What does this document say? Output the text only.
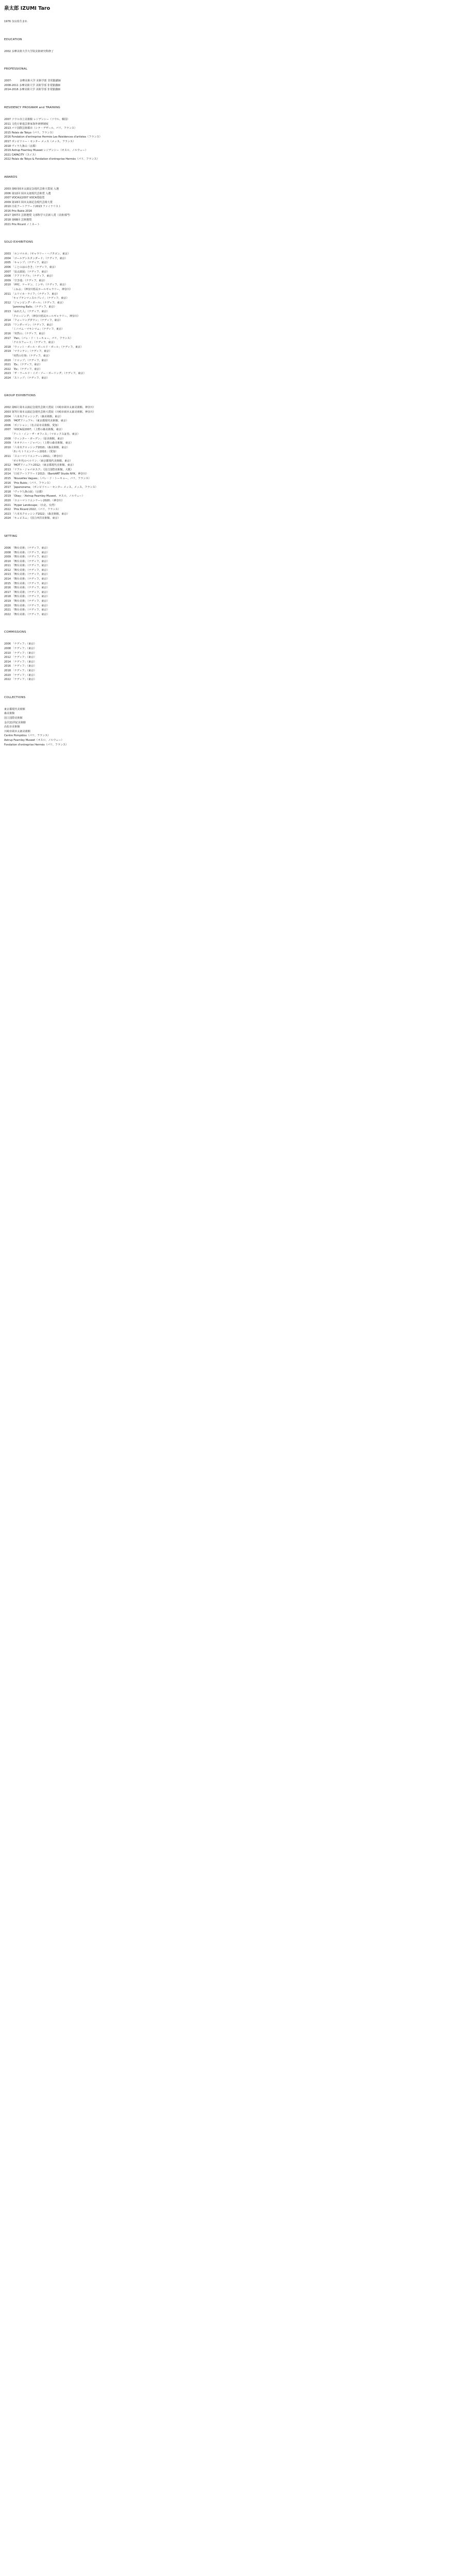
泉太郎 IZUMI Taro

1976 奈良県生まれ

EDUCATION

2002 多摩美術大学大学院美術研究科修了

PROFESSIONAL

2007-　　　多摩美術大学 美術学部 非常勤講師

2008-2011 多摩美術大学 美術学部 非常勤講師

2014-2016 多摩美術大学 美術学部 非常勤講師

RESIDENCY PROGRAM and TRAINING

2007 ソウル市立美術館 レジデンシー（ソウル、韓国）

2011 文化庁新進芸術家海外研修制度

2013 パリ国際芸術都市（シテ・デザール、パリ、フランス）

2015 Palais de Tokyo（パリ、フランス）

2016 Fondation d'entreprise Hermès Les Résidences d'artistes（フランス）

2017 ポンピドゥー・センター メッス（メッス、フランス）

2018 ヴィラ九条山（京都）

2019 Astrup Fearnley Museet レジデンシー（オスロ、ノルウェー）

2021 CAPACITY（スイス）

2022 Palais de Tokyo & Fondation d'entreprise Hermès（パリ、フランス）

AWARDS

2003 第6回岡本太郎記念現代芸術大賞展 入選

2006 第12回 岡本太郎現代芸術賞 入選

2007 VOCA展2007 VOCA奨励賞

2009 第10回 岡本太郎記念現代芸術大賞

2010 日産アートアワード2013 ファイナリスト

2016 Prix Rubis 2016

2017 第67回 芸術選奨 文部科学大臣新人賞（美術部門）

2018 第68回 芸術選奨

2021 Prix Ricard ノミネート

SOLO EXHIBITIONS

2003 「ホンマルネ」（ギャラリー・ヘプタゴン、東京）

2004 「ゴールデンスタンダード」（ナディフ、東京）

2005 「キャンプ」（ナディフ、東京）

2006 「ことのはのきき」（ナディフ、東京）

2007 「泉太郎展」（ナディフ、東京）

2008 「クアドラプル」（ナディフ、東京）

2009 「空き地」（ナディフ、東京）

2010 「神村、ケーヤン、ミンサ」（ナディフ、東京）

　　　「こねる」（神奈川県民ホールギャラリー、神奈川）

2011 「ユリイカ・ライフ」（ナディフ、東京）

　　　「キャプテンマッスルプレイ」（ナディフ、東京）

2012 「ジャンピング・ボール」（ナディフ、東京）

　　　「Jamming Balls」（ナディフ、東京）

2013 「ぬれた人」（ナディフ、東京）

　　　「クロージング」（神奈川県民ホールギャラリー、神奈川）

2014 「フォーリングダウン」（ナディフ、東京）

2015 「ワンダーマン」（ナディフ、東京）

　　　「ミニマム・マキシマム」（ナディフ、東京）

2016 「突然の」（ナディフ、東京）

2017 「Pan」（パレ・ド・トーキョー、パリ、フランス）

　　　「クロスフェード」（ナディフ、東京）

2018 「ウィット・ボール・ボールド・ボール」（ナディフ、東京）

2019 「マウンテン」（ナディフ、東京）

　　　「突然の仕事」（ナディフ、東京）

2020 「ドロップ」（ナディフ、東京）

2021 「Ex」（ナディフ、東京）

2022 「Ex」（ナディフ、東京）

2023 「ザ・ワールド・イズ・ソー・ボーリング」（ナディフ、東京）

2024 「ストップ」（ナディフ、東京）

GROUP EXHIBITIONS

2002 第6回 岡本太郎記念現代芸術大賞展（川崎市岡本太郎美術館、神奈川）

2003 第7回 岡本太郎記念現代芸術大賞展（川崎市岡本太郎美術館、神奈川）

2004 「六本木クロッシング」（森美術館、東京）

2005 「MOTアニュアル」（東京都現代美術館、東京）

2006 「ポジション」（名古屋市美術館、愛知）

2007 「VOCA展2007」（上野の森美術館、東京）

　　　「アート・イン・ザ・オフィス」（マネックス証券、東京）

2008 「ウィンター・ガーデン」（原美術館、東京）

2009 「ネオテニー・ジャパン」（上野の森美術館、東京）

2010 「六本木クロッシング2010」（森美術館、東京）

　　　「あいちトリエンナーレ2010」（愛知）

2011 「ヨコハマトリエンナーレ2011」（神奈川）

　　　「ゼロ年代のベルリン」（東京都現代美術館、東京）

2012 「MOTアニュアル2012」（東京都現代美術館、東京）

2013 「リアル・ジャパネスク」（国立国際美術館、大阪）

2014 「日産アートアワード2013」（BankART Studio NYK、神奈川）

2015 「Nouvelles Vagues」（パレ・ド・トーキョー、パリ、フランス）

2016 「Prix Rubis」（パリ、フランス）

2017 「Japanorama」（ポンピドゥー・センター メッス、メッス、フランス）

2018 「ヴィラ九条山展」（京都）

2019 「Okay」（Astrup Fearnley Museet、オスロ、ノルウェー）

2020 「ヨコハマトリエンナーレ2020」（神奈川）

2021 「Hyper Landscape」（台北、台湾）

2022 「Prix Ricard 2022」（パリ、フランス）

2023 「六本木クロッシング2022」（森美術館、東京）

2024 「キュビスム」（国立西洋美術館、東京）

SETTING

2006 「舞台美術」（ナディフ、東京）

2008 「舞台美術」（ナディフ、東京）

2009 「舞台美術」（ナディフ、東京）

2010 「舞台美術」（ナディフ、東京）

2011 「舞台美術」（ナディフ、東京）

2012 「舞台美術」（ナディフ、東京）

2013 「舞台美術」（ナディフ、東京）

2014 「舞台美術」（ナディフ、東京）

2015 「舞台美術」（ナディフ、東京）

2016 「舞台美術」（ナディフ、東京）

2017 「舞台美術」（ナディフ、東京）

2018 「舞台美術」（ナディフ、東京）

2019 「舞台美術」（ナディフ、東京）

2020 「舞台美術」（ナディフ、東京）

2021 「舞台美術」（ナディフ、東京）

2022 「舞台美術」（ナディフ、東京）

COMMISSIONS

2006 「ナディフ」（東京）

2008 「ナディフ」（東京）

2010 「ナディフ」（東京）

2012 「ナディフ」（東京）

2014 「ナディフ」（東京）

2016 「ナディフ」（東京）

2018 「ナディフ」（東京）

2020 「ナディフ」（東京）

2022 「ナディフ」（東京）

COLLECTIONS

東京都現代美術館

森美術館

国立国際美術館

金沢21世紀美術館

高松市美術館

川崎市岡本太郎美術館

Centre Pompidou（パリ、フランス）

Astrup Fearnley Museet（オスロ、ノルウェー）

Fondation d'entreprise Hermès（パリ、フランス）
